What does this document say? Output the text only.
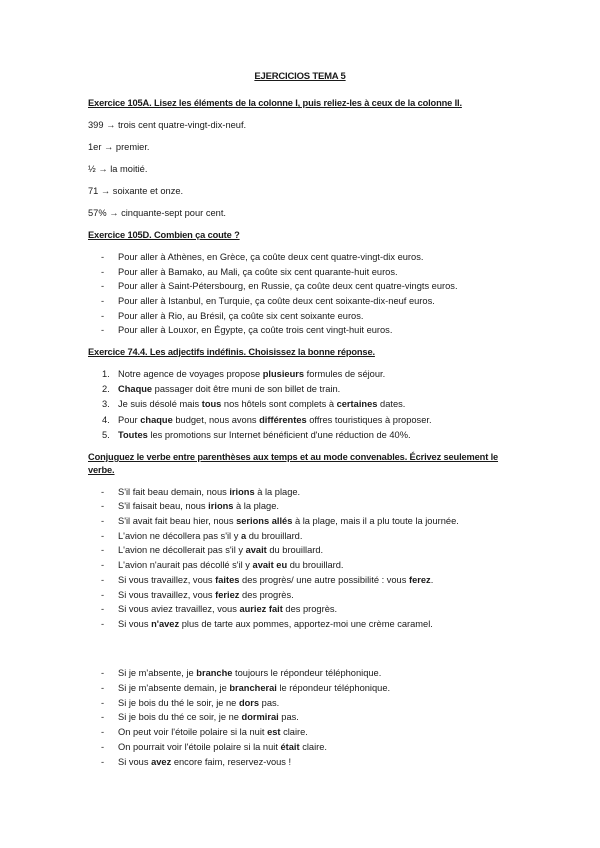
EJERCICIOS TEMA 5
Exercice 105A. Lisez les éléments de la colonne I, puis reliez-les à ceux de la colonne II.
399 → trois cent quatre-vingt-dix-neuf.
1er → premier.
½ → la moitié.
71 → soixante et onze.
57% → cinquante-sept pour cent.
Exercice 105D. Combien ça coute ?
- Pour aller à Athènes, en Grèce, ça coûte deux cent quatre-vingt-dix euros.
- Pour aller à Bamako, au Mali, ça coûte six cent quarante-huit euros.
- Pour aller à Saint-Pétersbourg, en Russie, ça coûte deux cent quatre-vingts euros.
- Pour aller à Istanbul, en Turquie, ça coûte deux cent soixante-dix-neuf euros.
- Pour aller à Rio, au Brésil, ça coûte six cent soixante euros.
- Pour aller à Louxor, en Égypte, ça coûte trois cent vingt-huit euros.
Exercice 74.4. Les adjectifs indéfinis. Choisissez la bonne réponse.
1. Notre agence de voyages propose plusieurs formules de séjour.
2. Chaque passager doit être muni de son billet de train.
3. Je suis désolé mais tous nos hôtels sont complets à certaines dates.
4. Pour chaque budget, nous avons différentes offres touristiques à proposer.
5. Toutes les promotions sur Internet bénéficient d'une réduction de 40%.
Conjuguez le verbe entre parenthèses aux temps et au mode convenables. Écrivez seulement le verbe.
- S'il fait beau demain, nous irions à la plage.
- S'il faisait beau, nous irions à la plage.
- S'il avait fait beau hier, nous serions allés à la plage, mais il a plu toute la journée.
- L'avion ne décollera pas s'il y a du brouillard.
- L'avion ne décollerait pas s'il y avait du brouillard.
- L'avion n'aurait pas décollé s'il y avait eu du brouillard.
- Si vous travaillez, vous faites des progrès/ une autre possibilité : vous ferez.
- Si vous travaillez, vous feriez des progrès.
- Si vous aviez travaillez, vous auriez fait des progrès.
- Si vous n'avez plus de tarte aux pommes, apportez-moi une crème caramel.
- Si je m'absente, je branche toujours le répondeur téléphonique.
- Si je m'absente demain, je brancherai le répondeur téléphonique.
- Si je bois du thé le soir, je ne dors pas.
- Si je bois du thé ce soir, je ne dormirai pas.
- On peut voir l'étoile polaire si la nuit est claire.
- On pourrait voir l'étoile polaire si la nuit était claire.
- Si vous avez encore faim, reservez-vous !
